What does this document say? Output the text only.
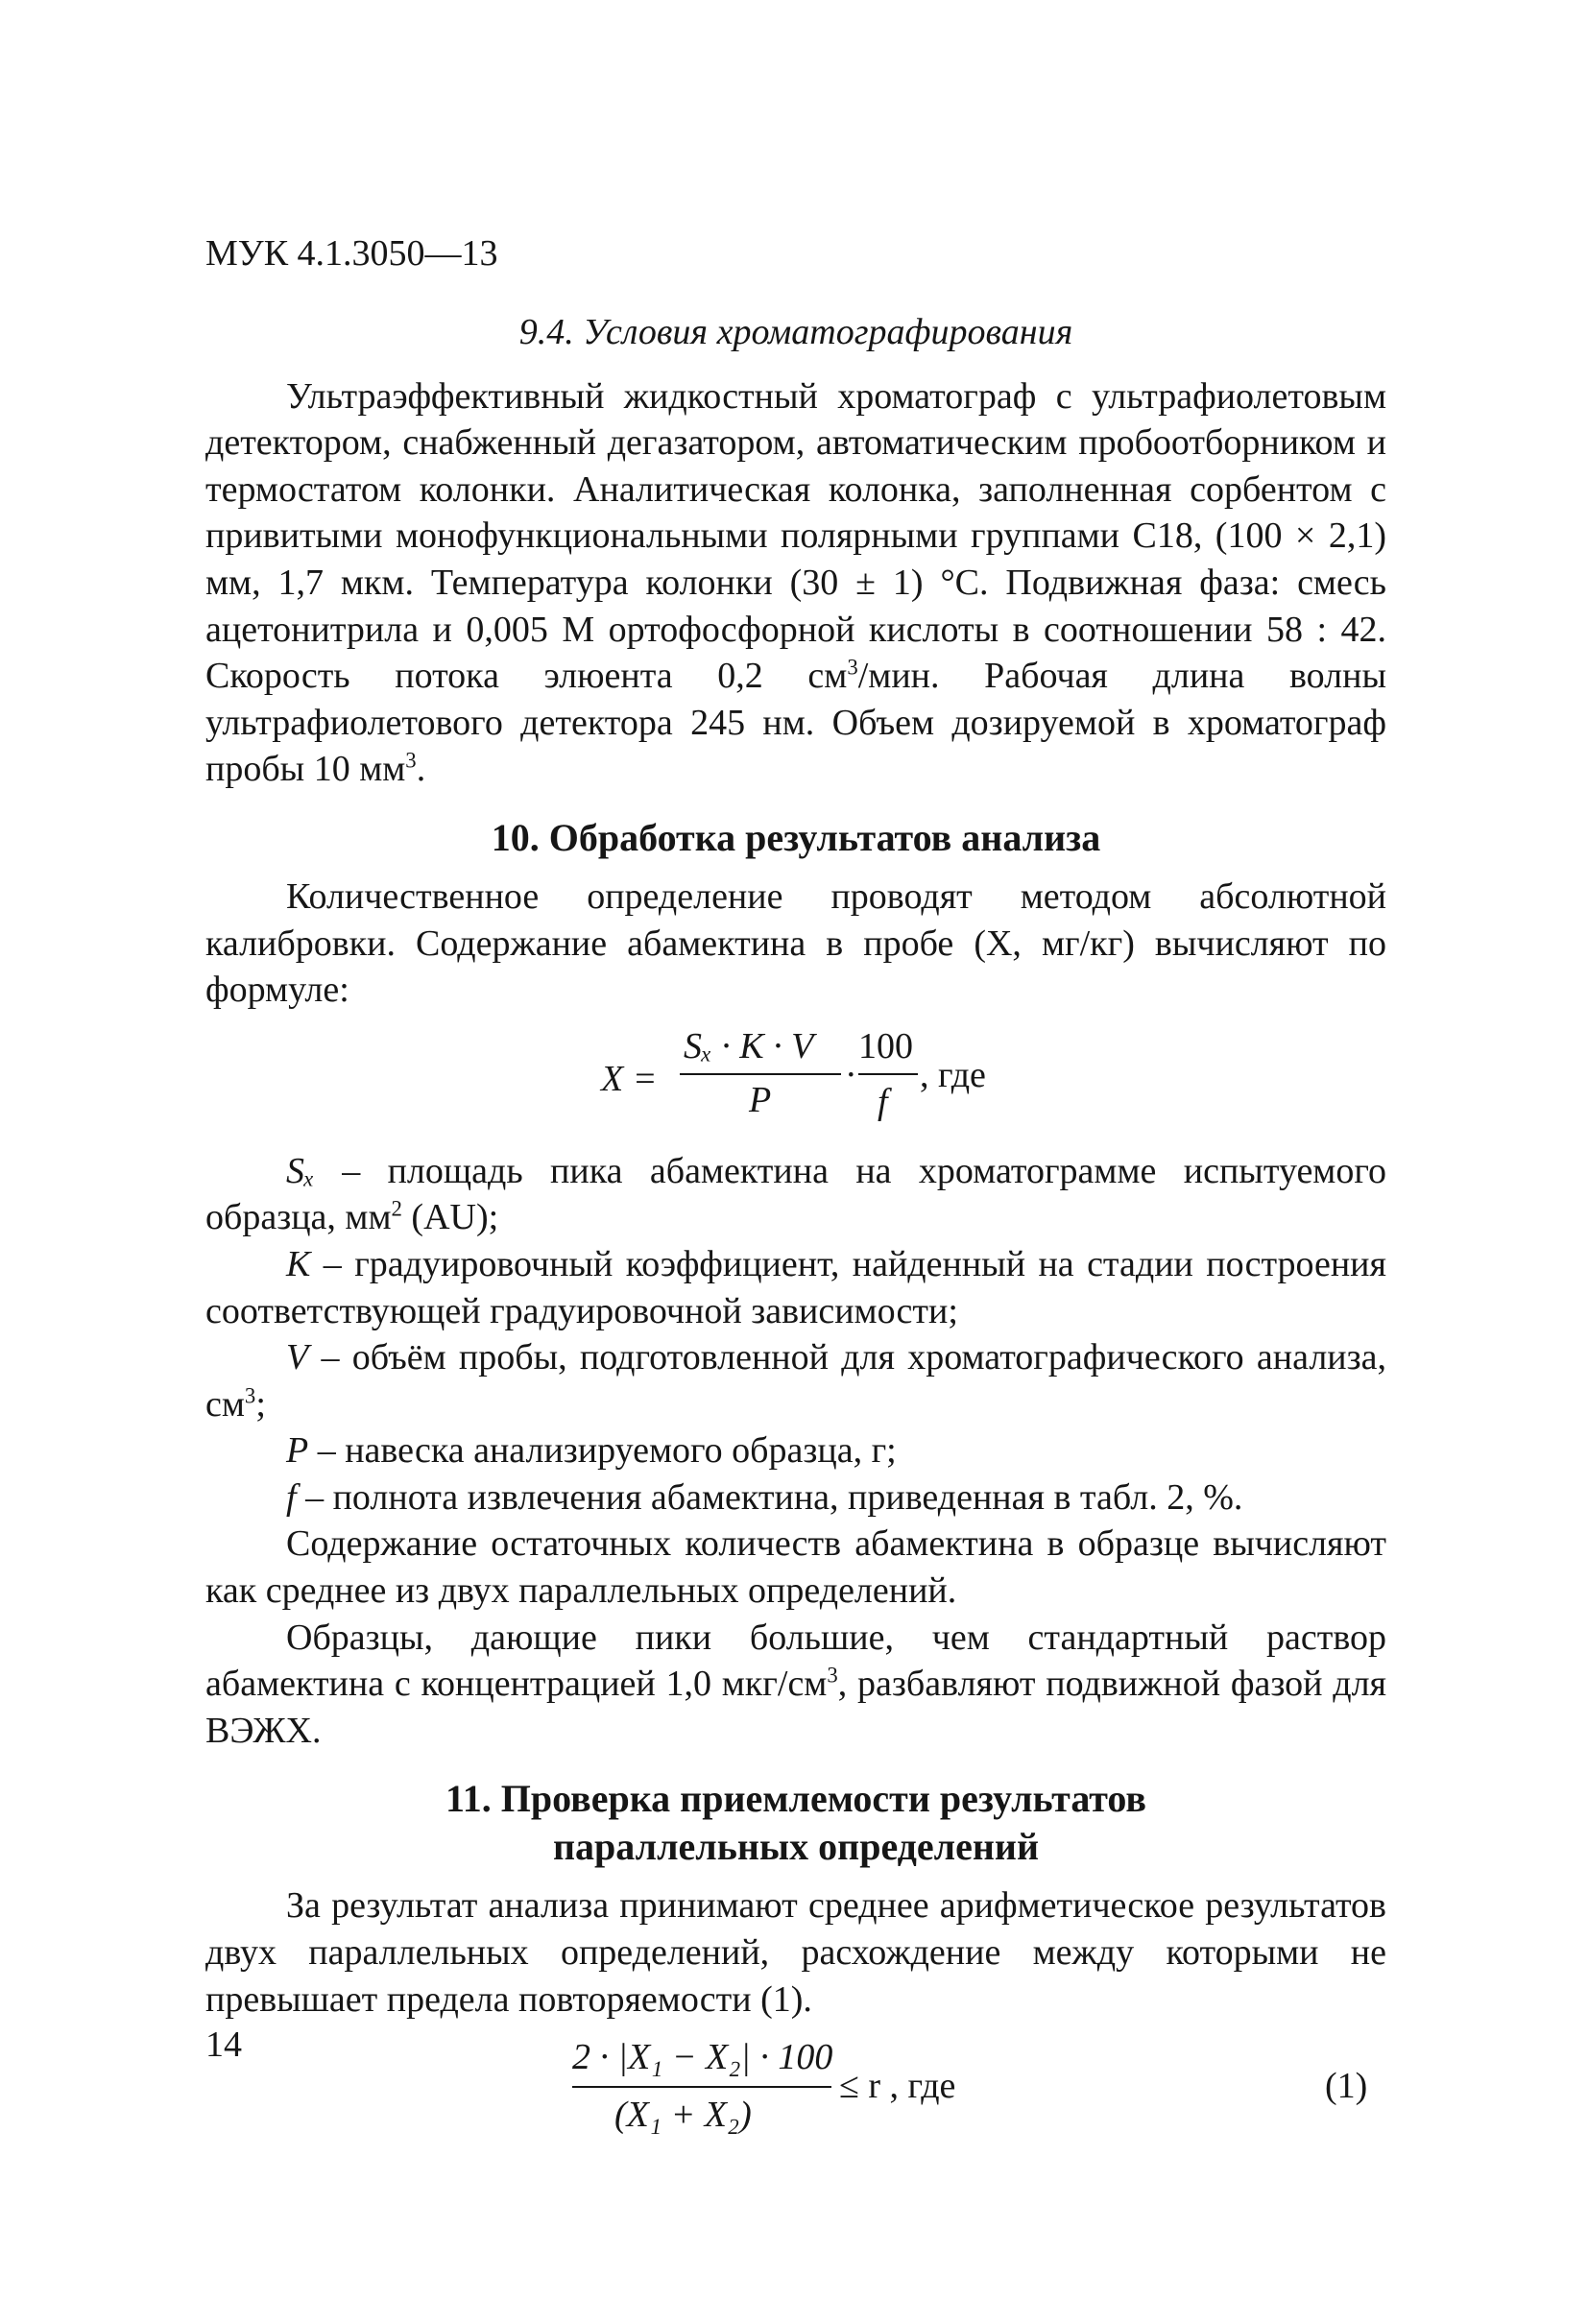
МУК 4.1.3050—13
9.4. Условия хроматографирования

Ультраэффективный жидкостный хроматограф с ультрафиолетовым детектором, снабженный дегазатором, автоматическим пробоотборником и термостатом колонки. Аналитическая колонка, заполненная сорбентом с привитыми монофункциональными полярными группами C18, (100 × 2,1) мм, 1,7 мкм. Температура колонки (30 ± 1) °С. Подвижная фаза: смесь ацетонитрила и 0,005 М ортофосфорной кислоты в соотношении 58 : 42. Скорость потока элюента 0,2 $см^3$/мин. Рабочая длина волны ультрафиолетового детектора 245 нм. Объем дозируемой в хроматограф пробы 10 $мм^3$.

10. Обработка результатов анализа

Количественное определение проводят методом абсолютной калибровки. Содержание абамектина в пробе (X, мг/кг) вычисляют по формуле:

X =
Sₓ · K · V
P
·
100
f
, где

Sₓ – площадь пика абамектина на хроматограмме испытуемого образца, $мм^2$ (AU);

K – градуировочный коэффициент, найденный на стадии построения соответствующей градуировочной зависимости;

V – объём пробы, подготовленной для хроматографического анализа, $см^3$;

P – навеска анализируемого образца, г;

f – полнота извлечения абамектина, приведенная в табл. 2, %.

Содержание остаточных количеств абамектина в образце вычисляют как среднее из двух параллельных определений.

Образцы, дающие пики большие, чем стандартный раствор абамектина с концентрацией 1,0 мкг/$см^3$, разбавляют подвижной фазой для ВЭЖХ.

11. Проверка приемлемости результатов
параллельных определений

За результат анализа принимают среднее арифметическое результатов двух параллельных определений, расхождение между которыми не превышает предела повторяемости (1).

2 · |X₁ − X₂| · 100
(X₁ + X₂)
≤ r , где	(1)
14
